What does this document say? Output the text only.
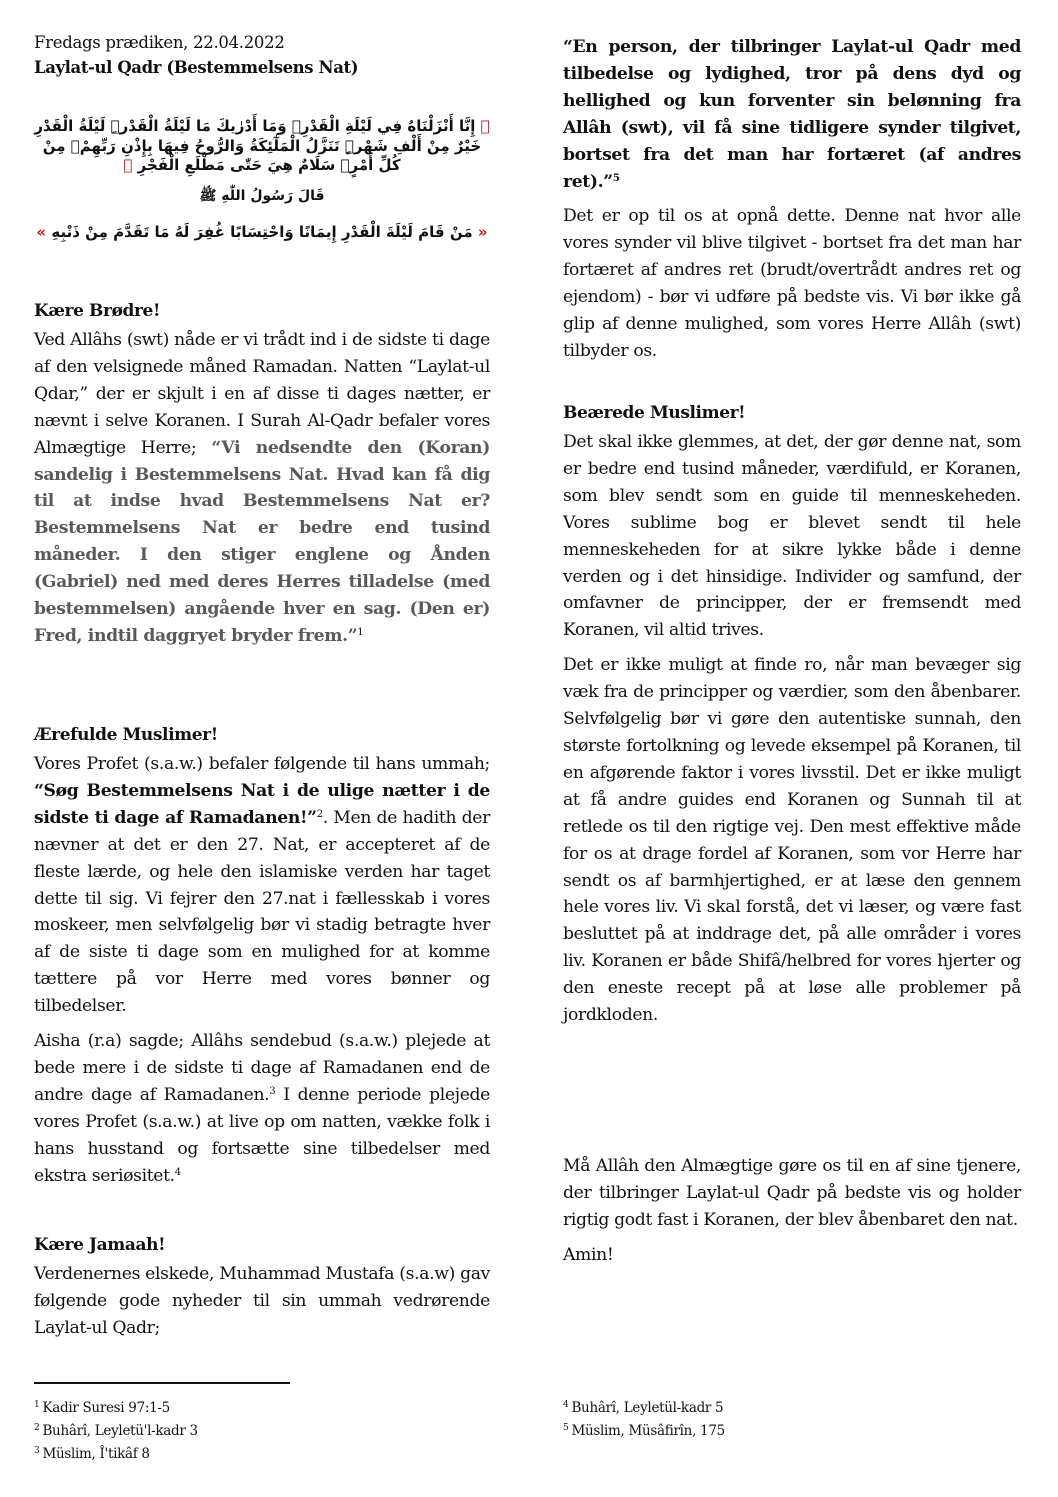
Fredags prædiken, 22.04.2022
Laylat-ul Qadr (Bestemmelsens Nat)
﴿ إِنَّا أَنْزَلْنَاهُ فِي لَيْلَةِ الْقَدْرِۚ وَمَا أَدْرٰيكَ مَا لَيْلَةُ الْقَدْرِۜ لَيْلَةُ الْقَدْرِ خَيْرٌ مِنْ أَلْفِ شَهْرٍۜ تَنَزَّلُ الْمَلٰٓئِكَةُ وَالرُّوحُ فِيهَا بِإِذْنِ رَبِّهِمْۚ مِنْ كُلِّ أَمْرٍۙ سَلَامٌ هِيَ حَتّٰى مَطْلَعِ الْفَجْرِ ﴾
قَالَ رَسُولُ اللّٰهِ ﷺ
« مَنْ قَامَ لَيْلَةَ الْقَدْرِ إِيمَانًا وَاحْتِسَابًا غُفِرَ لَهُ مَا تَقَدَّمَ مِنْ ذَنْبِهِ »
Kære Brødre!

Ved Allâhs (swt) nåde er vi trådt ind i de sidste ti dage af den velsignede måned Ramadan. Natten “Laylat-ul Qdar,” der er skjult i en af disse ti dages nætter, er nævnt i selve Koranen. I Surah Al-Qadr befaler vores Almægtige Herre; “Vi nedsendte den (Koran) sandelig i Bestemmelsens Nat. Hvad kan få dig til at indse hvad Bestemmelsens Nat er? Bestemmelsens Nat er bedre end tusind måneder. I den stiger englene og Ånden (Gabriel) ned med deres Herres tilladelse (med bestemmelsen) angående hver en sag. (Den er) Fred, indtil daggryet bryder frem.”$^1$

Ærefulde Muslimer!

Vores Profet (s.a.w.) befaler følgende til hans ummah; “Søg Bestemmelsens Nat i de ulige nætter i de sidste ti dage af Ramadanen!”$^2$. Men de hadith der nævner at det er den 27. Nat, er accepteret af de fleste lærde, og hele den islamiske verden har taget dette til sig. Vi fejrer den 27.nat i fællesskab i vores moskeer, men selvfølgelig bør vi stadig betragte hver af de siste ti dage som en mulighed for at komme tættere på vor Herre med vores bønner og tilbedelser.

Aisha (r.a) sagde; Allâhs sendebud (s.a.w.) plejede at bede mere i de sidste ti dage af Ramadanen end de andre dage af Ramadanen.$^3$ I denne periode plejede vores Profet (s.a.w.) at live op om natten, vække folk i hans husstand og fortsætte sine tilbedelser med ekstra seriøsitet.$^4$

Kære Jamaah!

Verdenernes elskede, Muhammad Mustafa (s.a.w) gav følgende gode nyheder til sin ummah vedrørende Laylat-ul Qadr;

“En person, der tilbringer Laylat-ul Qadr med tilbedelse og lydighed, tror på dens dyd og hellighed og kun forventer sin belønning fra Allâh (swt), vil få sine tidligere synder tilgivet, bortset fra det man har fortæret (af andres ret).”$^5$

Det er op til os at opnå dette. Denne nat hvor alle vores synder vil blive tilgivet - bortset fra det man har fortæret af andres ret (brudt/overtrådt andres ret og ejendom) - bør vi udføre på bedste vis. Vi bør ikke gå glip af denne mulighed, som vores Herre Allâh (swt) tilbyder os.

Beærede Muslimer!

Det skal ikke glemmes, at det, der gør denne nat, som er bedre end tusind måneder, værdifuld, er Koranen, som blev sendt som en guide til menneskeheden. Vores sublime bog er blevet sendt til hele menneskeheden for at sikre lykke både i denne verden og i det hinsidige. Individer og samfund, der omfavner de principper, der er fremsendt med Koranen, vil altid trives.

Det er ikke muligt at finde ro, når man bevæger sig væk fra de principper og værdier, som den åbenbarer. Selvfølgelig bør vi gøre den autentiske sunnah, den største fortolkning og levede eksempel på Koranen, til en afgørende faktor i vores livsstil. Det er ikke muligt at få andre guides end Koranen og Sunnah til at retlede os til den rigtige vej. Den mest effektive måde for os at drage fordel af Koranen, som vor Herre har sendt os af barmhjertighed, er at læse den gennem hele vores liv. Vi skal forstå, det vi læser, og være fast besluttet på at inddrage det, på alle områder i vores liv. Koranen er både Shifâ/helbred for vores hjerter og den eneste recept på at løse alle problemer på jordkloden.

Må Allâh den Almægtige gøre os til en af sine tjenere, der tilbringer Laylat-ul Qadr på bedste vis og holder rigtig godt fast i Koranen, der blev åbenbaret den nat.

Amin!

$^1$ Kadir Suresi 97:1-5
$^2$ Buhârî, Leyletü'l-kadr 3
$^3$ Müslim, Î'tikâf 8
$^4$ Buhârî, Leyletül-kadr 5
$^5$ Müslim, Müsâfirîn, 175
